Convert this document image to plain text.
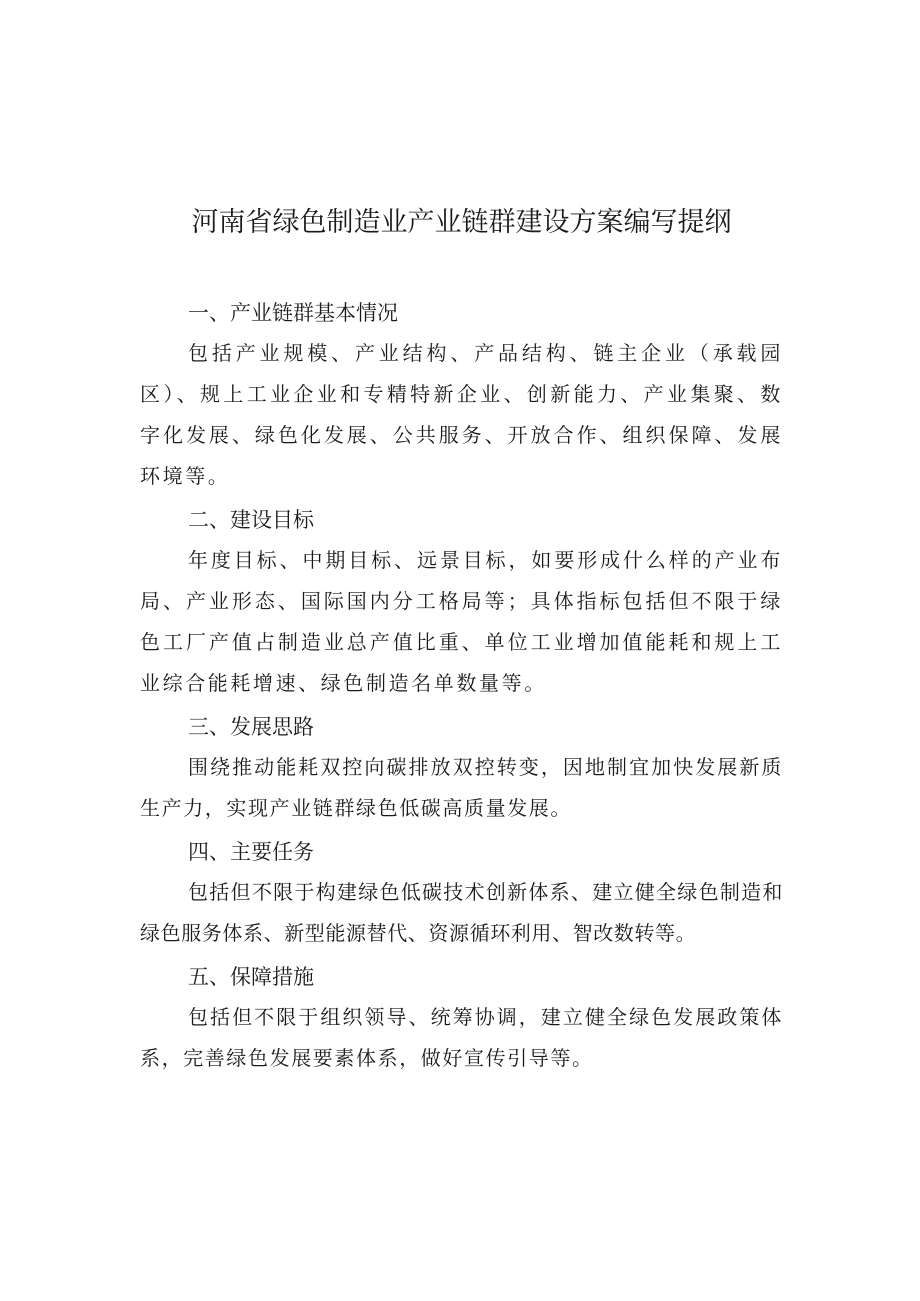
河南省绿色制造业产业链群建设方案编写提纲
一、产业链群基本情况

包括产业规模、产业结构、产品结构、链主企业（承载园区）、规上工业企业和专精特新企业、创新能力、产业集聚、数字化发展、绿色化发展、公共服务、开放合作、组织保障、发展环境等。

二、建设目标

年度目标、中期目标、远景目标，如要形成什么样的产业布局、产业形态、国际国内分工格局等；具体指标包括但不限于绿色工厂产值占制造业总产值比重、单位工业增加值能耗和规上工业综合能耗增速、绿色制造名单数量等。

三、发展思路

围绕推动能耗双控向碳排放双控转变，因地制宜加快发展新质生产力，实现产业链群绿色低碳高质量发展。

四、主要任务

包括但不限于构建绿色低碳技术创新体系、建立健全绿色制造和绿色服务体系、新型能源替代、资源循环利用、智改数转等。

五、保障措施

包括但不限于组织领导、统筹协调，建立健全绿色发展政策体系，完善绿色发展要素体系，做好宣传引导等。
